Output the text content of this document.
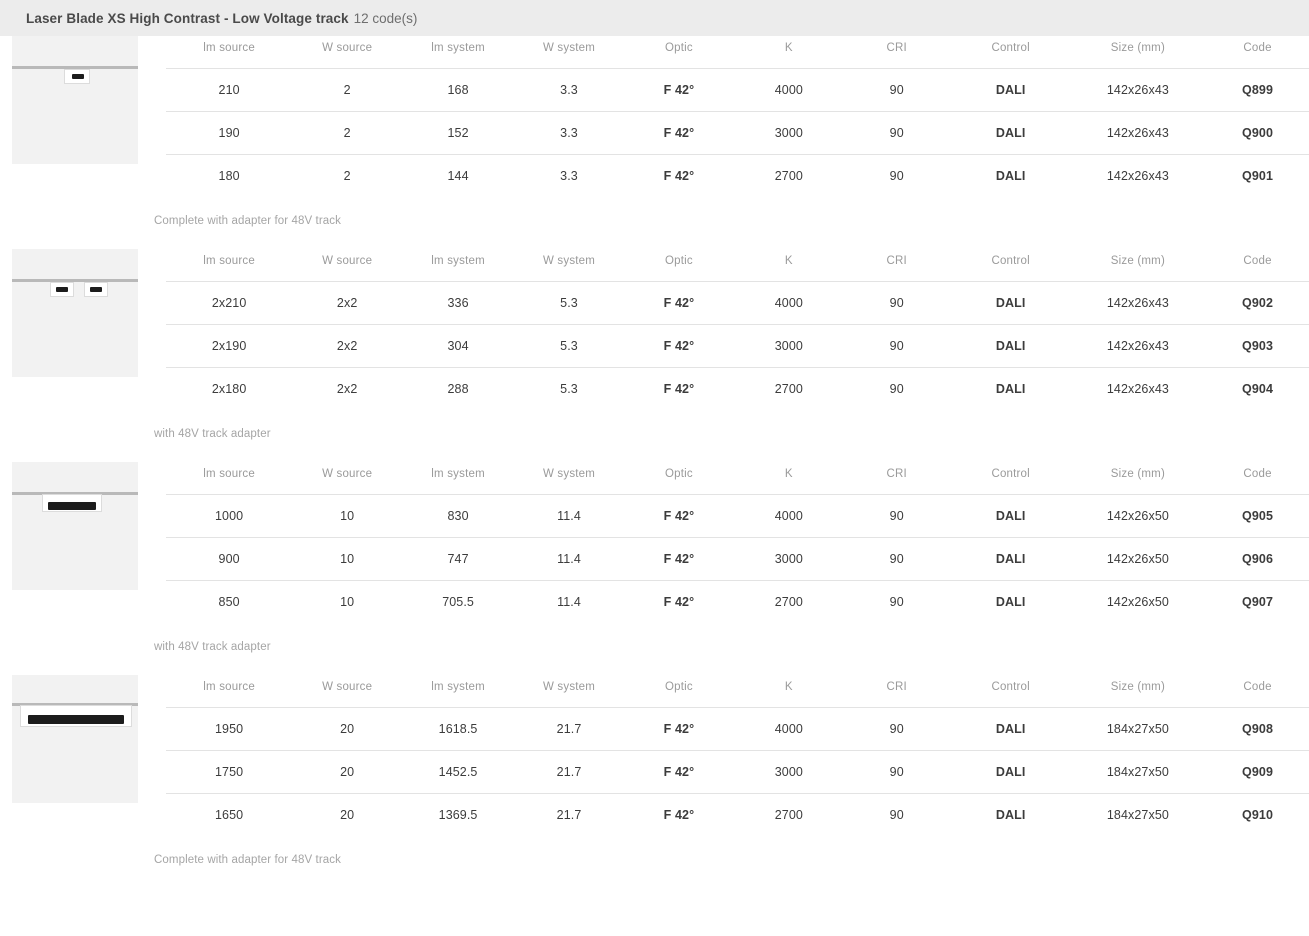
Laser Blade XS High Contrast - Low Voltage track 12 code(s)
lm source	W source	lm system	W system	Optic	K	CRI	Control	Size (mm)	Code
210	2	168	3.3	F 42°	4000	90	DALI	142x26x43	Q899
190	2	152	3.3	F 42°	3000	90	DALI	142x26x43	Q900
180	2	144	3.3	F 42°	2700	90	DALI	142x26x43	Q901
Complete with adapter for 48V track
lm source	W source	lm system	W system	Optic	K	CRI	Control	Size (mm)	Code
2x210	2x2	336	5.3	F 42°	4000	90	DALI	142x26x43	Q902
2x190	2x2	304	5.3	F 42°	3000	90	DALI	142x26x43	Q903
2x180	2x2	288	5.3	F 42°	2700	90	DALI	142x26x43	Q904
with 48V track adapter
lm source	W source	lm system	W system	Optic	K	CRI	Control	Size (mm)	Code
1000	10	830	11.4	F 42°	4000	90	DALI	142x26x50	Q905
900	10	747	11.4	F 42°	3000	90	DALI	142x26x50	Q906
850	10	705.5	11.4	F 42°	2700	90	DALI	142x26x50	Q907
with 48V track adapter
lm source	W source	lm system	W system	Optic	K	CRI	Control	Size (mm)	Code
1950	20	1618.5	21.7	F 42°	4000	90	DALI	184x27x50	Q908
1750	20	1452.5	21.7	F 42°	3000	90	DALI	184x27x50	Q909
1650	20	1369.5	21.7	F 42°	2700	90	DALI	184x27x50	Q910
Complete with adapter for 48V track
